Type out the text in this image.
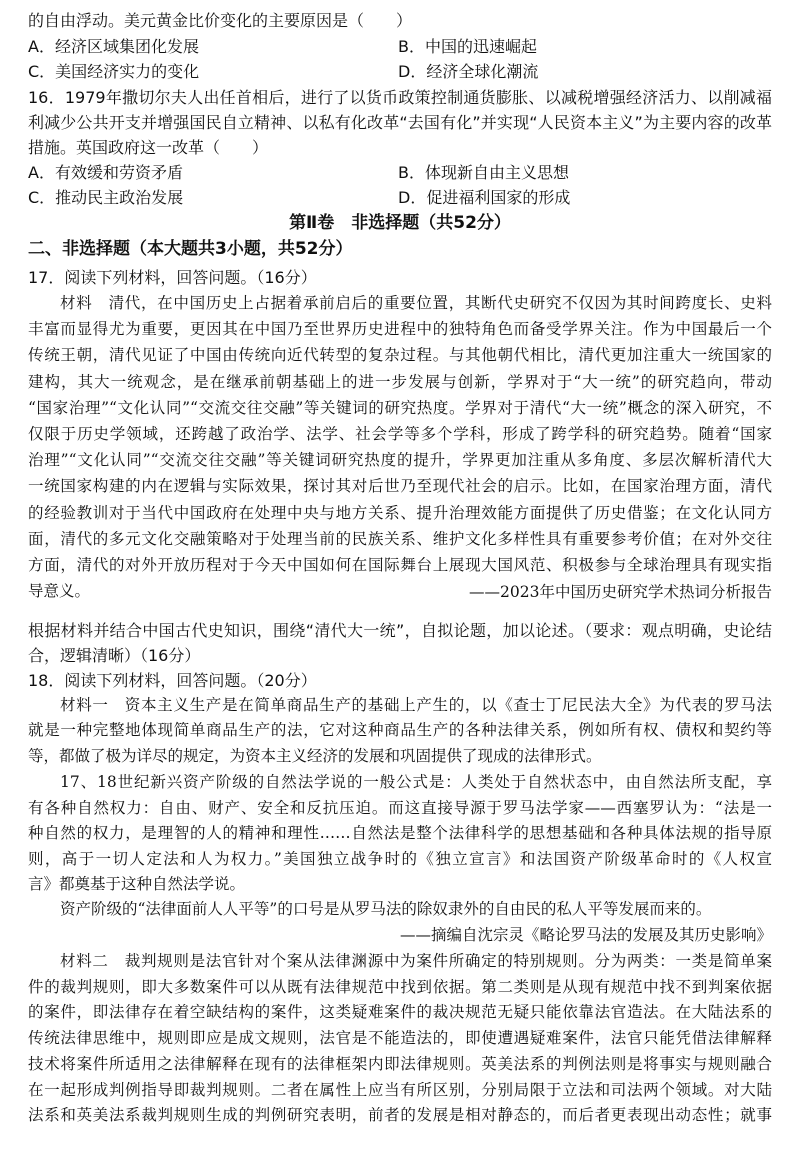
的自由浮动。美元黄金比价变化的主要原因是（　　）
A．经济区域集团化发展	B．中国的迅速崛起
C．美国经济实力的变化	D．经济全球化潮流
16．1979年撒切尔夫人出任首相后，进行了以货币政策控制通货膨胀、以减税增强经济活力、以削减福
利减少公共开支并增强国民自立精神、以私有化改革“去国有化”并实现“人民资本主义”为主要内容的改革
措施。英国政府这一改革（　　）
A．有效缓和劳资矛盾	B．体现新自由主义思想
C．推动民主政治发展	D．促进福利国家的形成
第Ⅱ卷　非选择题（共52分）
二、非选择题（本大题共3小题，共52分）
17．阅读下列材料，回答问题。（16分）
材料　清代，在中国历史上占据着承前启后的重要位置，其断代史研究不仅因为其时间跨度长、史料
丰富而显得尤为重要，更因其在中国乃至世界历史进程中的独特角色而备受学界关注。作为中国最后一个
传统王朝，清代见证了中国由传统向近代转型的复杂过程。与其他朝代相比，清代更加注重大一统国家的
建构，其大一统观念，是在继承前朝基础上的进一步发展与创新，学界对于“大一统”的研究趋向，带动
“国家治理”“文化认同”“交流交往交融”等关键词的研究热度。学界对于清代“大一统”概念的深入研究，不
仅限于历史学领域，还跨越了政治学、法学、社会学等多个学科，形成了跨学科的研究趋势。随着“国家
治理”“文化认同”“交流交往交融”等关键词研究热度的提升，学界更加注重从多角度、多层次解析清代大
一统国家构建的内在逻辑与实际效果，探讨其对后世乃至现代社会的启示。比如，在国家治理方面，清代
的经验教训对于当代中国政府在处理中央与地方关系、提升治理效能方面提供了历史借鉴；在文化认同方
面，清代的多元文化交融策略对于处理当前的民族关系、维护文化多样性具有重要参考价值；在对外交往
方面，清代的对外开放历程对于今天中国如何在国际舞台上展现大国风范、积极参与全球治理具有现实指
导意义。	——2023年中国历史研究学术热词分析报告
根据材料并结合中国古代史知识，围绕“清代大一统”，自拟论题，加以论述。（要求：观点明确，史论结
合，逻辑清晰）（16分）
18．阅读下列材料，回答问题。（20分）
材料一　资本主义生产是在简单商品生产的基础上产生的，以《查士丁尼民法大全》为代表的罗马法
就是一种完整地体现简单商品生产的法，它对这种商品生产的各种法律关系，例如所有权、债权和契约等
等，都做了极为详尽的规定，为资本主义经济的发展和巩固提供了现成的法律形式。
17、18世纪新兴资产阶级的自然法学说的一般公式是：人类处于自然状态中，由自然法所支配，享
有各种自然权力：自由、财产、安全和反抗压迫。而这直接导源于罗马法学家——西塞罗认为：“法是一
种自然的权力，是理智的人的精神和理性……自然法是整个法律科学的思想基础和各种具体法规的指导原
则，高于一切人定法和人为权力。”美国独立战争时的《独立宣言》和法国资产阶级革命时的《人权宣
言》都奠基于这种自然法学说。
资产阶级的“法律面前人人平等”的口号是从罗马法的除奴隶外的自由民的私人平等发展而来的。
——摘编自沈宗灵《略论罗马法的发展及其历史影响》
材料二　裁判规则是法官针对个案从法律渊源中为案件所确定的特别规则。分为两类：一类是简单案
件的裁判规则，即大多数案件可以从既有法律规范中找到依据。第二类则是从现有规范中找不到判案依据
的案件，即法律存在着空缺结构的案件，这类疑难案件的裁决规范无疑只能依靠法官造法。在大陆法系的
传统法律思维中，规则即应是成文规则，法官是不能造法的，即使遭遇疑难案件，法官只能凭借法律解释
技术将案件所适用之法律解释在现有的法律框架内即法律规则。英美法系的判例法则是将事实与规则融合
在一起形成判例指导即裁判规则。二者在属性上应当有所区别，分别局限于立法和司法两个领域。对大陆
法系和英美法系裁判规则生成的判例研究表明，前者的发展是相对静态的，而后者更表现出动态性；就事
